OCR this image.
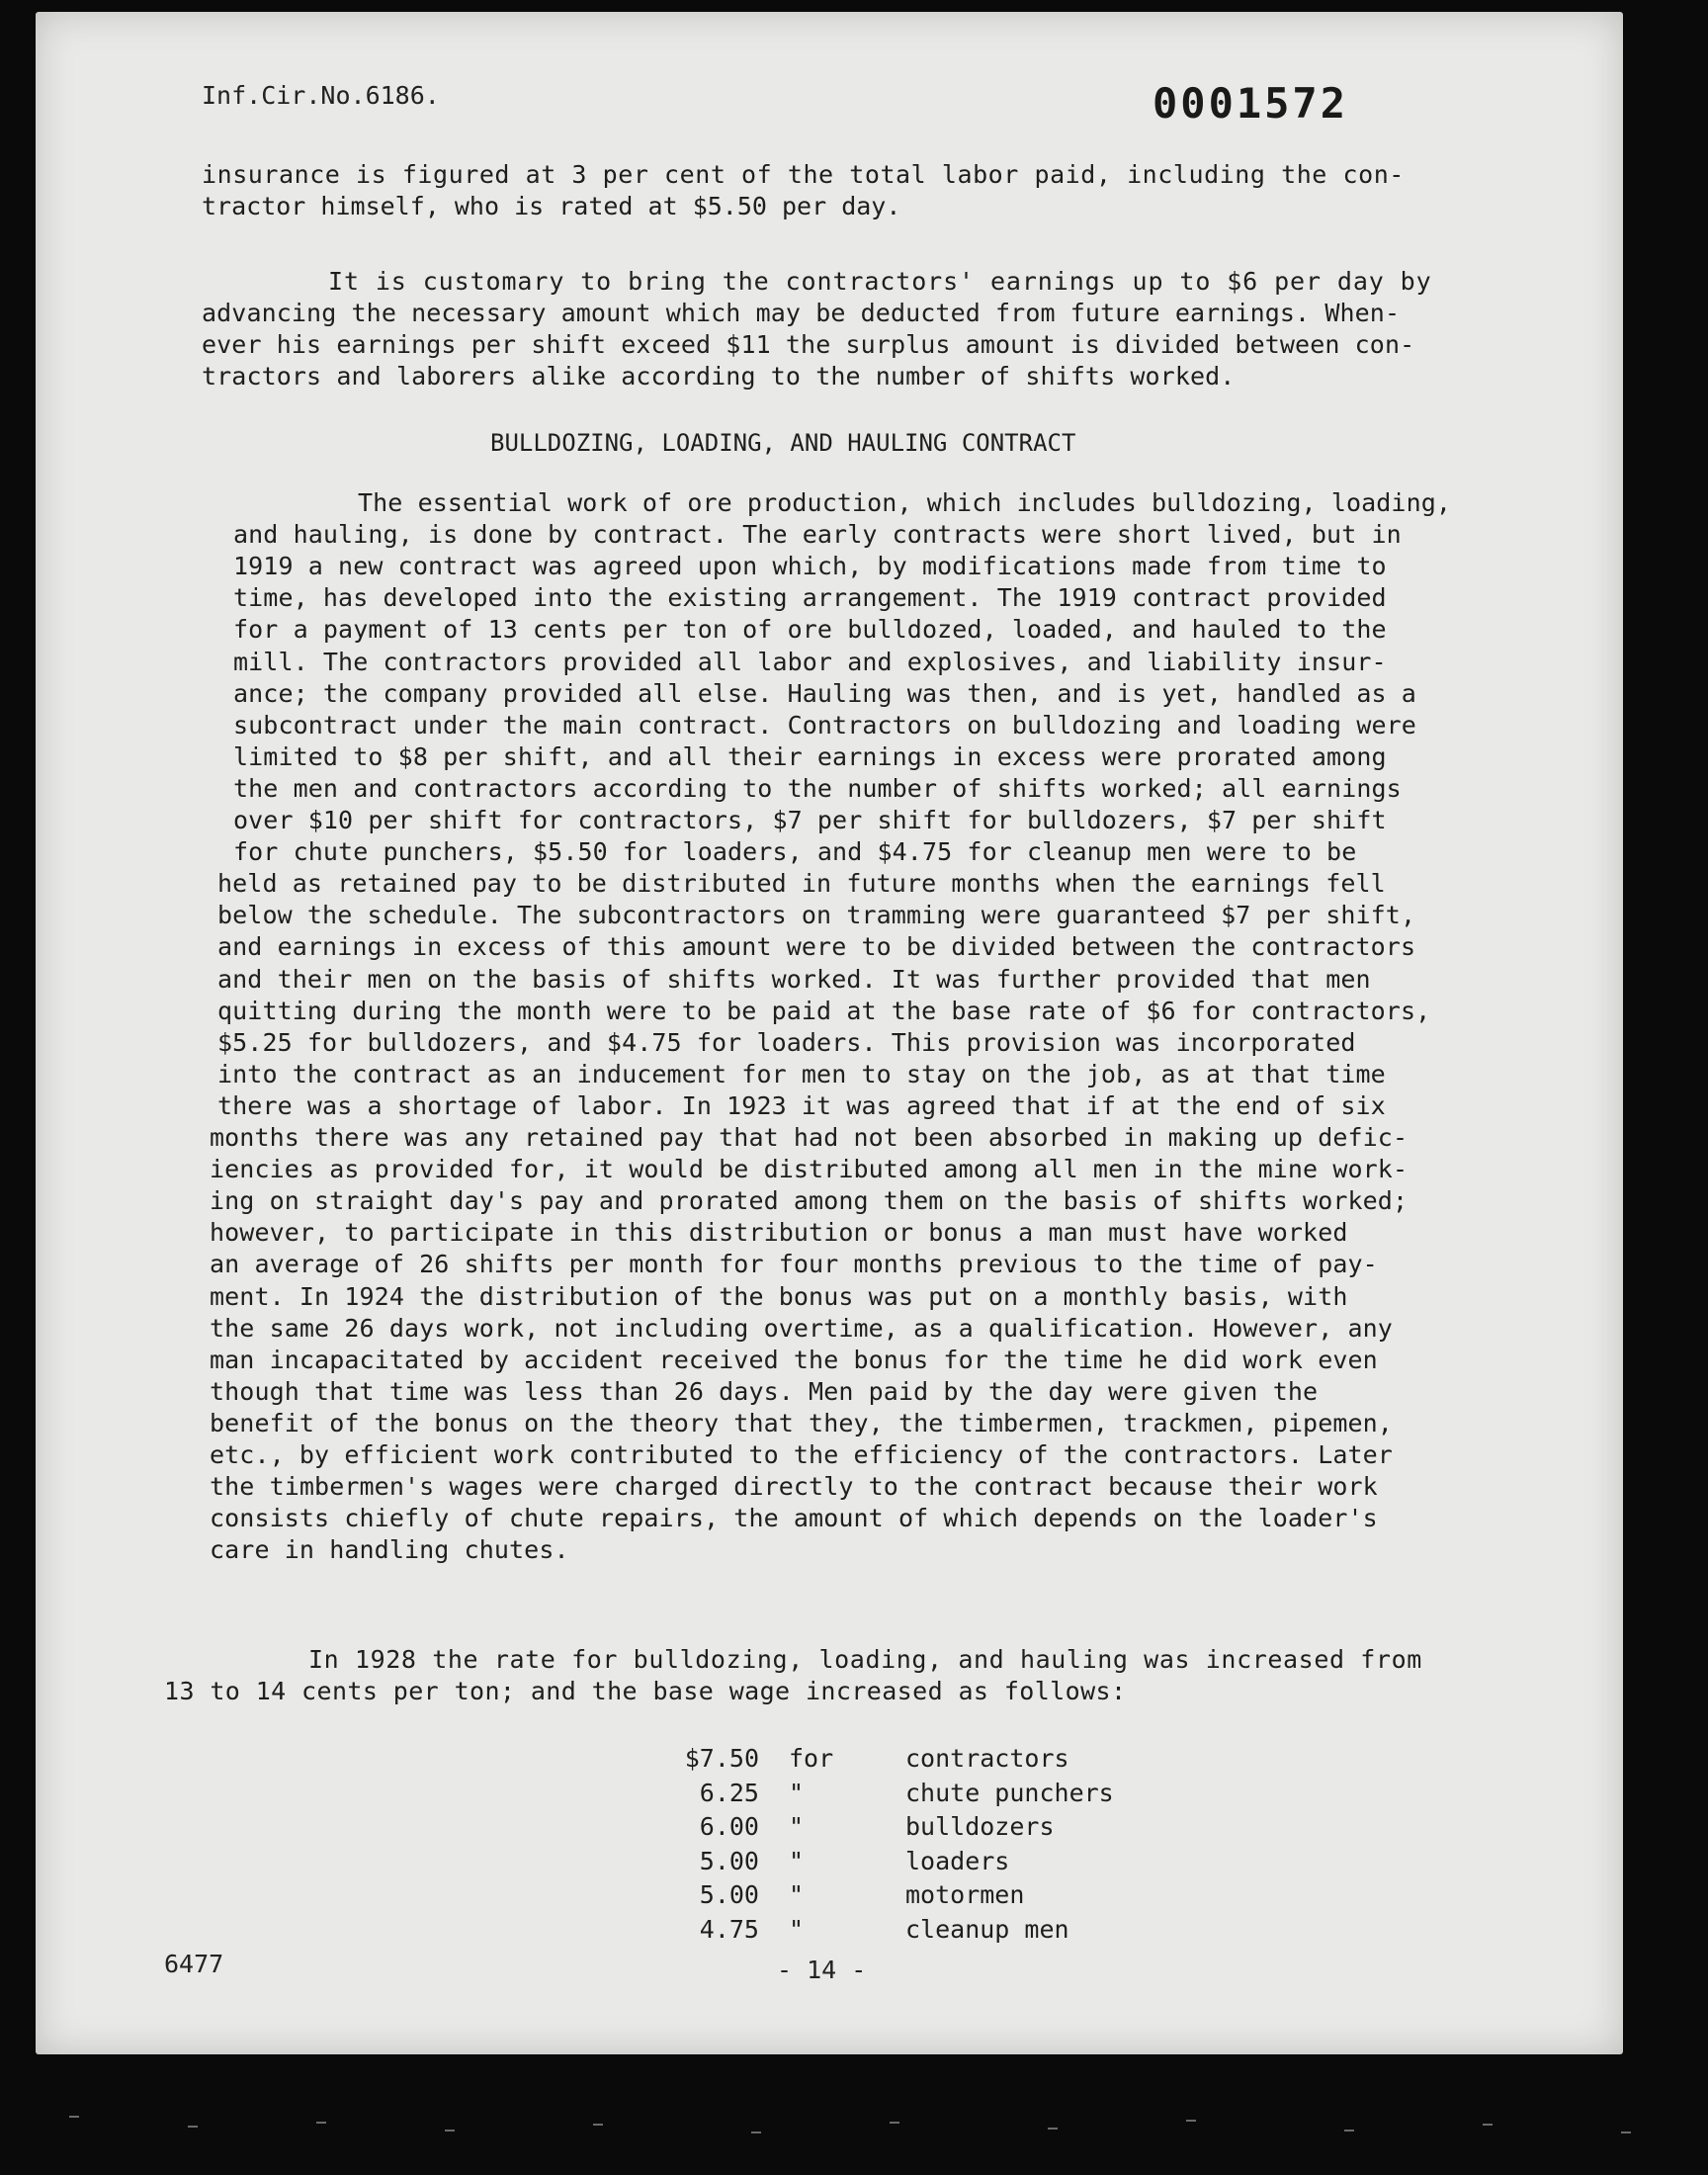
Inf.Cir.No.6186.	0001572
insurance is figured at 3 per cent of the total labor paid, including the con-
tractor himself, who is rated at $5.50 per day.
It is customary to bring the contractors' earnings up to $6 per day by
advancing the necessary amount which may be deducted from future earnings. When-
ever his earnings per shift exceed $11 the surplus amount is divided between con-
tractors and laborers alike according to the number of shifts worked.
BULLDOZING, LOADING, AND HAULING CONTRACT
The essential work of ore production, which includes bulldozing, loading,
and hauling, is done by contract. The early contracts were short lived, but in
1919 a new contract was agreed upon which, by modifications made from time to
time, has developed into the existing arrangement. The 1919 contract provided
for a payment of 13 cents per ton of ore bulldozed, loaded, and hauled to the
mill. The contractors provided all labor and explosives, and liability insur-
ance; the company provided all else. Hauling was then, and is yet, handled as a
subcontract under the main contract. Contractors on bulldozing and loading were
limited to $8 per shift, and all their earnings in excess were prorated among
the men and contractors according to the number of shifts worked; all earnings
over $10 per shift for contractors, $7 per shift for bulldozers, $7 per shift
for chute punchers, $5.50 for loaders, and $4.75 for cleanup men were to be
held as retained pay to be distributed in future months when the earnings fell
below the schedule. The subcontractors on tramming were guaranteed $7 per shift,
and earnings in excess of this amount were to be divided between the contractors
and their men on the basis of shifts worked. It was further provided that men
quitting during the month were to be paid at the base rate of $6 for contractors,
$5.25 for bulldozers, and $4.75 for loaders. This provision was incorporated
into the contract as an inducement for men to stay on the job, as at that time
there was a shortage of labor. In 1923 it was agreed that if at the end of six
months there was any retained pay that had not been absorbed in making up defic-
iencies as provided for, it would be distributed among all men in the mine work-
ing on straight day's pay and prorated among them on the basis of shifts worked;
however, to participate in this distribution or bonus a man must have worked
an average of 26 shifts per month for four months previous to the time of pay-
ment. In 1924 the distribution of the bonus was put on a monthly basis, with
the same 26 days work, not including overtime, as a qualification. However, any
man incapacitated by accident received the bonus for the time he did work even
though that time was less than 26 days. Men paid by the day were given the
benefit of the bonus on the theory that they, the timbermen, trackmen, pipemen,
etc., by efficient work contributed to the efficiency of the contractors. Later
the timbermen's wages were charged directly to the contract because their work
consists chiefly of chute repairs, the amount of which depends on the loader's
care in handling chutes.
In 1928 the rate for bulldozing, loading, and hauling was increased from
13 to 14 cents per ton; and the base wage increased as follows:
$7.50 for	contractors
6.25 "	chute punchers
6.00 "	bulldozers
5.00 "	loaders
5.00 "	motormen
4.75 "	cleanup men
6477	- 14 -
